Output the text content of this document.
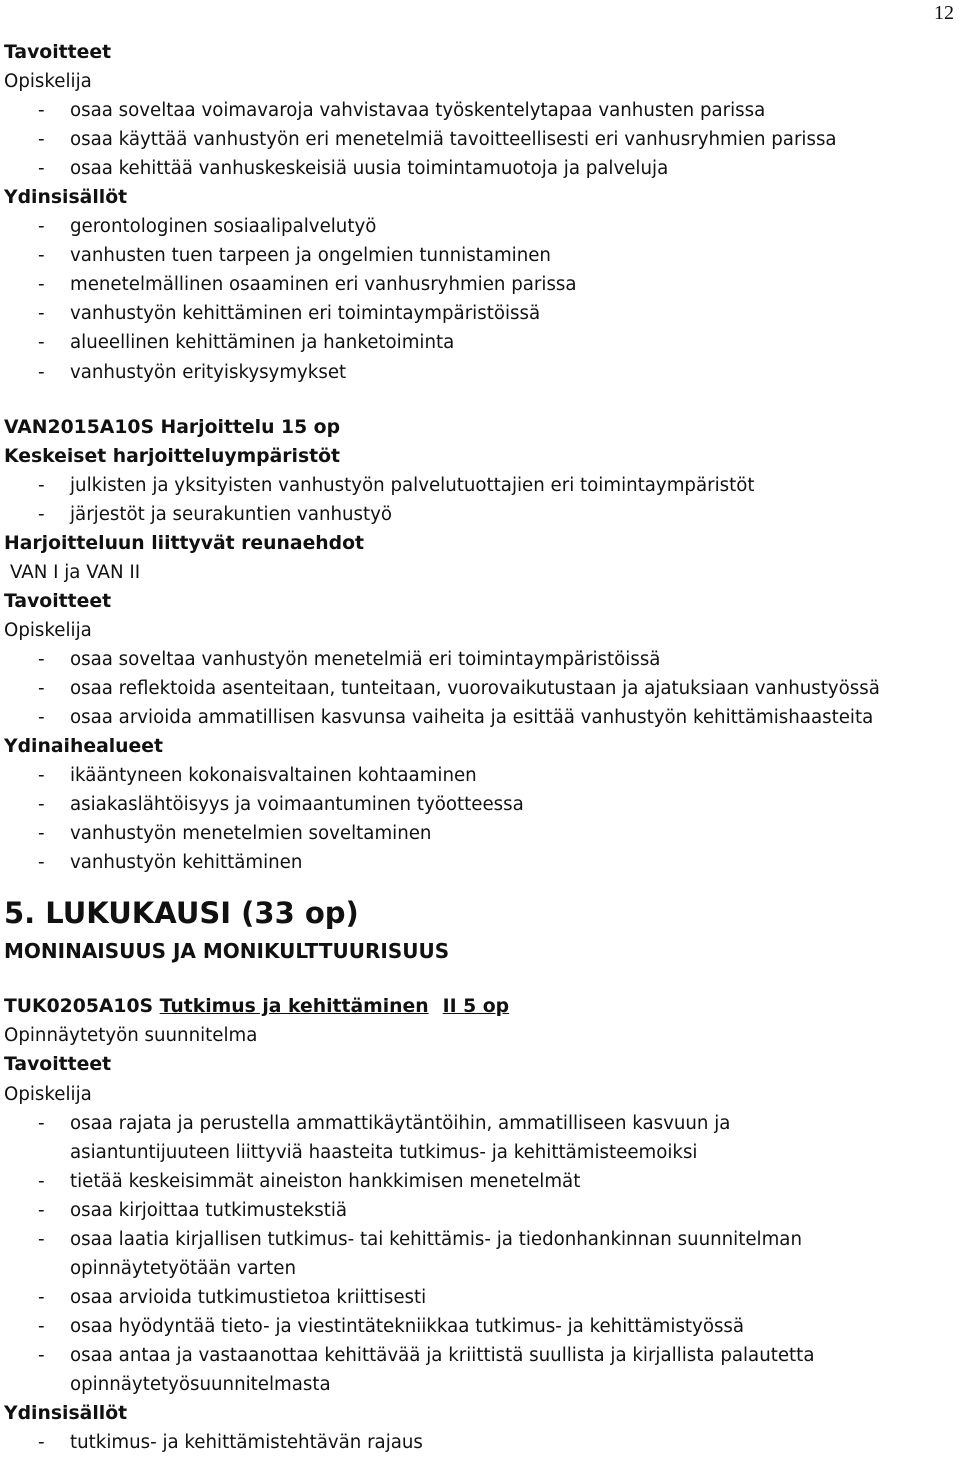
12
Tavoitteet
Opiskelija
- osaa soveltaa voimavaroja vahvistavaa työskentelytapaa vanhusten parissa
- osaa käyttää vanhustyön eri menetelmiä tavoitteellisesti eri vanhusryhmien parissa
- osaa kehittää vanhuskeskeisiä uusia toimintamuotoja ja palveluja
Ydinsisällöt
- gerontologinen sosiaalipalvelutyö
- vanhusten tuen tarpeen ja ongelmien tunnistaminen
- menetelmällinen osaaminen eri vanhusryhmien parissa
- vanhustyön kehittäminen eri toimintaympäristöissä
- alueellinen kehittäminen ja hanketoiminta
- vanhustyön erityiskysymykset
VAN2015A10S Harjoittelu 15 op
Keskeiset harjoitteluympäristöt
- julkisten ja yksityisten vanhustyön palvelutuottajien eri toimintaympäristöt
- järjestöt ja seurakuntien vanhustyö
Harjoitteluun liittyvät reunaehdot
VAN I ja VAN II
Tavoitteet
Opiskelija
- osaa soveltaa vanhustyön menetelmiä eri toimintaympäristöissä
- osaa reflektoida asenteitaan, tunteitaan, vuorovaikutustaan ja ajatuksiaan vanhustyössä
- osaa arvioida ammatillisen kasvunsa vaiheita ja esittää vanhustyön kehittämishaasteita
Ydinaihealueet
- ikääntyneen kokonaisvaltainen kohtaaminen
- asiakaslähtöisyys ja voimaantuminen työotteessa
- vanhustyön menetelmien soveltaminen
- vanhustyön kehittäminen
5. LUKUKAUSI (33 op)
MONINAISUUS JA MONIKULTTUURISUUS
TUK0205A10S Tutkimus ja kehittäminen II 5 op
Opinnäytetyön suunnitelma
Tavoitteet
Opiskelija
- osaa rajata ja perustella ammattikäytäntöihin, ammatilliseen kasvuun ja
asiantuntijuuteen liittyviä haasteita tutkimus- ja kehittämisteemoiksi
- tietää keskeisimmät aineiston hankkimisen menetelmät
- osaa kirjoittaa tutkimustekstiä
- osaa laatia kirjallisen tutkimus- tai kehittämis- ja tiedonhankinnan suunnitelman
opinnäytetyötään varten
- osaa arvioida tutkimustietoa kriittisesti
- osaa hyödyntää tieto- ja viestintätekniikkaa tutkimus- ja kehittämistyössä
- osaa antaa ja vastaanottaa kehittävää ja kriittistä suullista ja kirjallista palautetta
opinnäytetyösuunnitelmasta
Ydinsisällöt
- tutkimus- ja kehittämistehtävän rajaus
